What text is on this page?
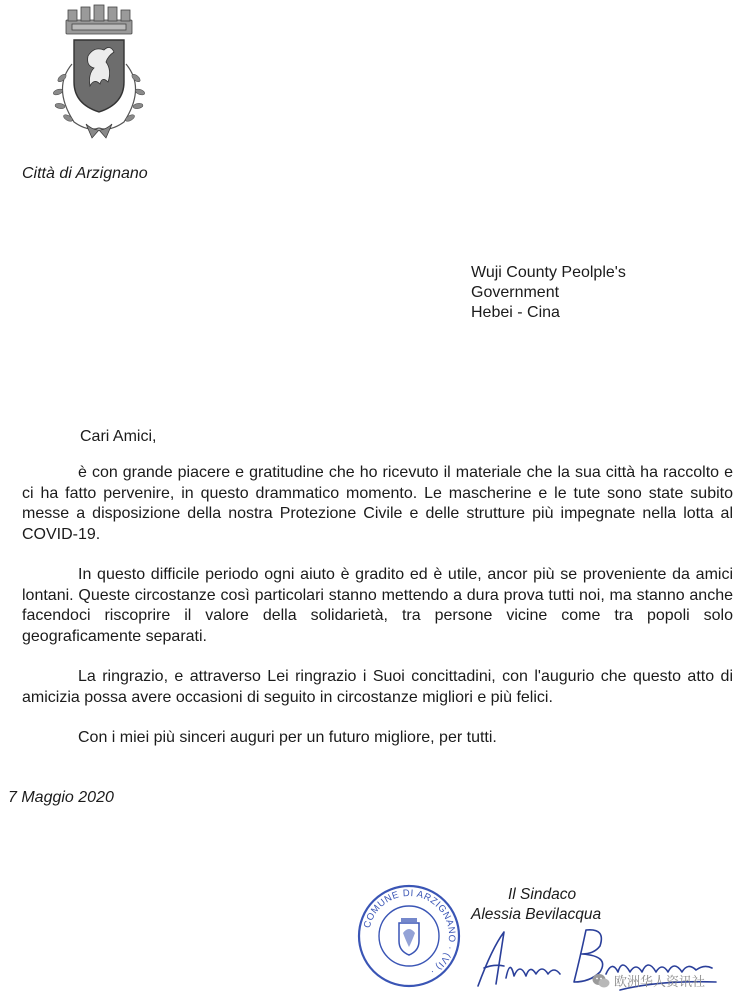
Città di Arzignano
Wuji County Peolple's
Government
Hebei - Cina
Cari Amici,

è con grande piacere e gratitudine che ho ricevuto il materiale che la sua città ha raccolto e ci ha fatto pervenire, in questo drammatico momento. Le mascherine e le tute sono state subito messe a disposizione della nostra Protezione Civile e delle strutture più impegnate nella lotta al COVID-19.

In questo difficile periodo ogni aiuto è gradito ed è utile, ancor più se proveniente da amici lontani. Queste circostanze così particolari stanno mettendo a dura prova tutti noi, ma stanno anche facendoci riscoprire il valore della solidarietà, tra persone vicine come tra popoli solo geograficamente separati.

La ringrazio, e attraverso Lei ringrazio i Suoi concittadini, con l'augurio che questo atto di amicizia possa avere occasioni di seguito in circostanze migliori e più felici.

Con i miei più sinceri auguri per un futuro migliore, per tutti.

7 Maggio 2020
COMUNE DI ARZIGNANO · (VI) ·
Il Sindaco
Alessia Bevilacqua
欧洲华人资讯社
